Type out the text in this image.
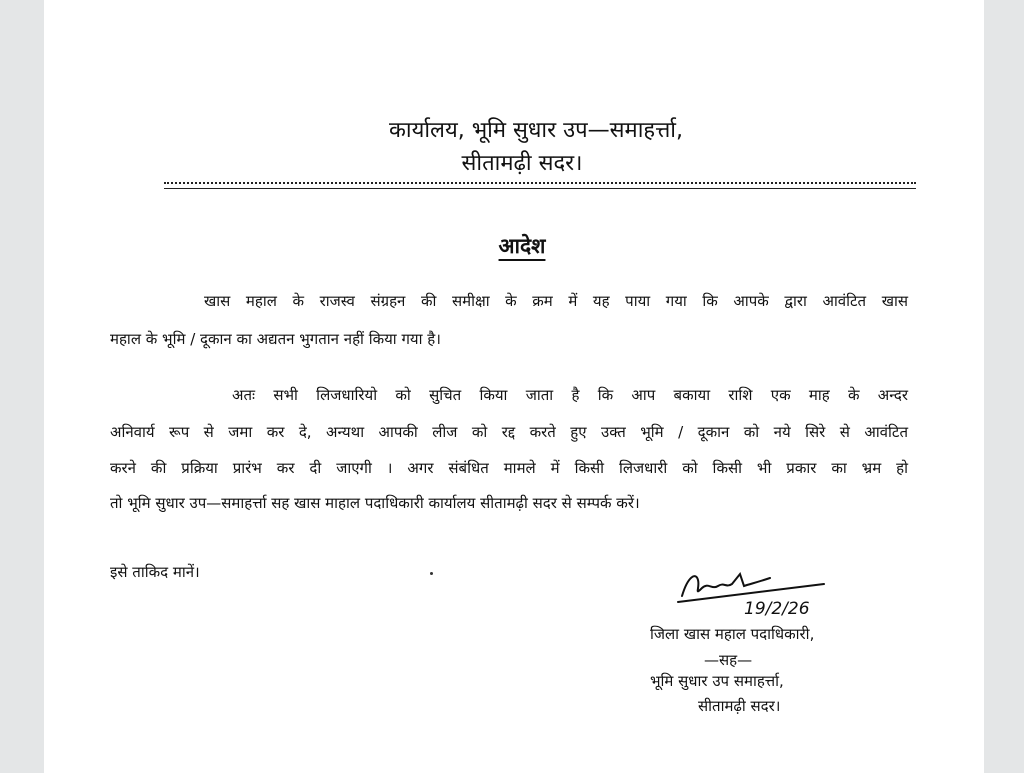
कार्यालय, भूमि सुधार उप—समाहर्त्ता,
सीतामढ़ी सदर।
आदेश
खास महाल के राजस्व संग्रहन की समीक्षा के क्रम में यह पाया गया कि आपके द्वारा आवंटित खास
महाल के भूमि / दूकान का अद्यतन भुगतान नहीं किया गया है।
अतः सभी लिजधारियो को सुचित किया जाता है कि आप बकाया राशि एक माह के अन्दर
अनिवार्य रूप से जमा कर दे, अन्यथा आपकी लीज को रद्द करते हुए उक्त भूमि / दूकान को नये सिरे से आवंटित
करने की प्रक्रिया प्रारंभ कर दी जाएगी । अगर संबंधित मामले में किसी लिजधारी को किसी भी प्रकार का भ्रम हो
तो भूमि सुधार उप—समाहर्त्ता सह खास माहाल पदाधिकारी कार्यालय सीतामढ़ी सदर से सम्पर्क करें।
इसे ताकिद मानें।
19/2/26
जिला खास महाल पदाधिकारी,
—सह—
भूमि सुधार उप समाहर्त्ता,
सीतामढ़ी सदर।
